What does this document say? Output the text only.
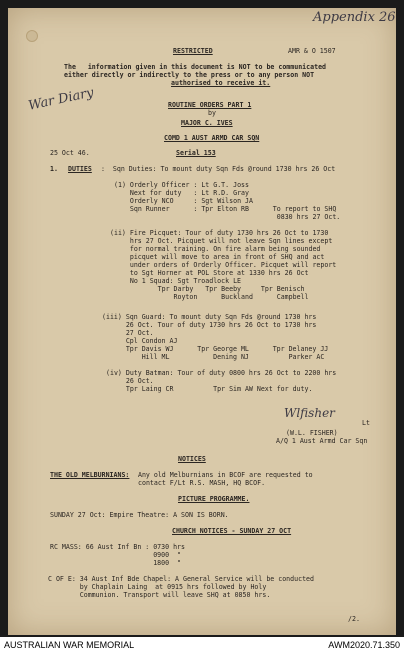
Appendix 26
War Diary
RESTRICTED	AMR & O 1507
The   information given in this document is NOT to be communicated
either directly or indirectly to the press or to any person NOT
authorised to receive it.
ROUTINE ORDERS PART 1
by
MAJOR C. IVES
COMD 1 AUST ARMD CAR SQN
25 Oct 46.	Serial 153
1. DUTIES :  Sqn Duties: To mount duty Sqn Fds @round 1730 hrs 26 Oct
(1) Orderly Officer : Lt G.T. Joss
Next for duty   : Lt R.D. Gray
Orderly NCO     : Sgt Wilson JA
Sqn Runner      : Tpr Elton RB      To report to SHQ
0830 hrs 27 Oct.
(ii) Fire Picquet: Tour of duty 1730 hrs 26 Oct to 1730
hrs 27 Oct. Picquet will not leave Sqn lines except
for normal training. On fire alarm being sounded
picquet will move to area in front of SHQ and act
under orders of Orderly Officer. Picquet will report
to Sgt Horner at POL Store at 1330 hrs 26 Oct
No 1 Squad: Sgt Troadlock LE
Tpr Darby   Tpr Beeby     Tpr Benisch
Royton      Buckland      Campbell
(iii) Sqn Guard: To mount duty Sqn Fds @round 1730 hrs
26 Oct. Tour of duty 1730 hrs 26 Oct to 1730 hrs
27 Oct.
Cpl Condon AJ
Tpr Davis WJ      Tpr George ML      Tpr Delaney JJ
Hill ML           Dening NJ          Parker AC
(iv) Duty Batman: Tour of duty 0800 hrs 26 Oct to 2200 hrs
26 Oct.
Tpr Laing CR          Tpr Sim AW Next for duty.
Wlfisher
Lt
(W.L. FISHER)
A/Q 1 Aust Armd Car Sqn
NOTICES
THE OLD MELBURNIANS: Any old Melburnians in BCOF are requested to
contact F/Lt R.S. MASH, HQ BCOF.
PICTURE PROGRAMME.
SUNDAY 27 Oct: Empire Theatre: A SON IS BORN.
CHURCH NOTICES - SUNDAY 27 OCT
RC MASS: 66 Aust Inf Bn : 0730 hrs
0900  "
1800  "
C OF E: 34 Aust Inf Bde Chapel: A General Service will be conducted
by Chaplain Laing  at 0915 hrs followed by Holy
Communion. Transport will leave SHQ at 0850 hrs.
/2.
AUSTRALIAN WAR MEMORIAL	AWM2020.71.350
